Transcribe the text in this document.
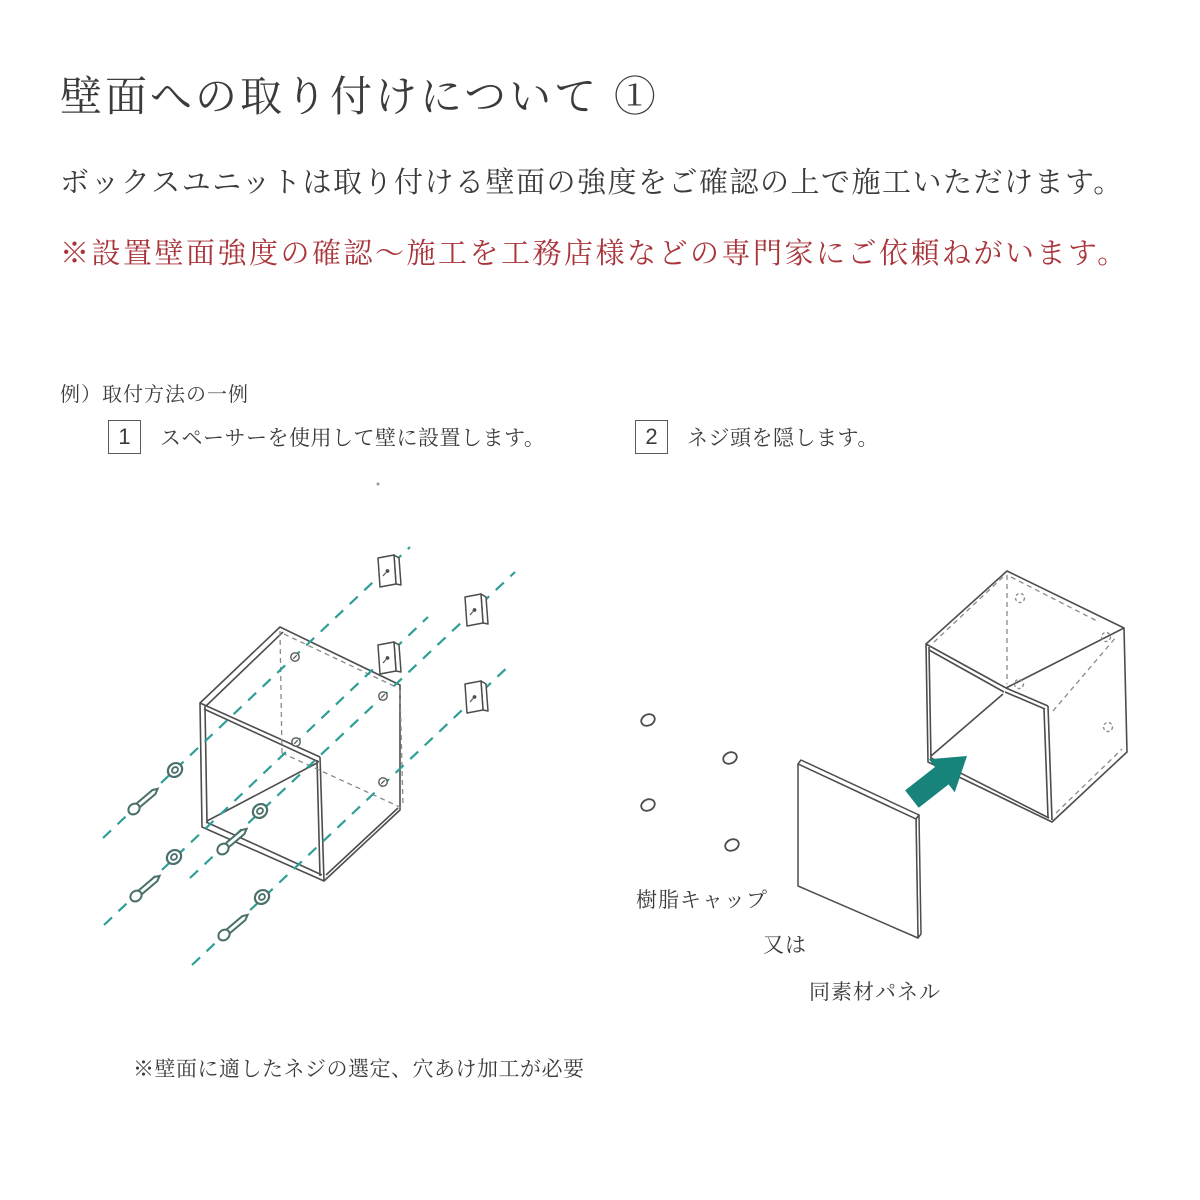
壁面への取り付けについて ①
ボックスユニットは取り付ける壁面の強度をご確認の上で施工いただけます。
※設置壁面強度の確認〜施工を工務店様などの専門家にご依頼ねがいます。
例）取付方法の一例
1 スペーサーを使用して壁に設置します。	2 ネジ頭を隠します。
樹脂キャップ
又は
同素材パネル
※壁面に適したネジの選定、穴あけ加工が必要
